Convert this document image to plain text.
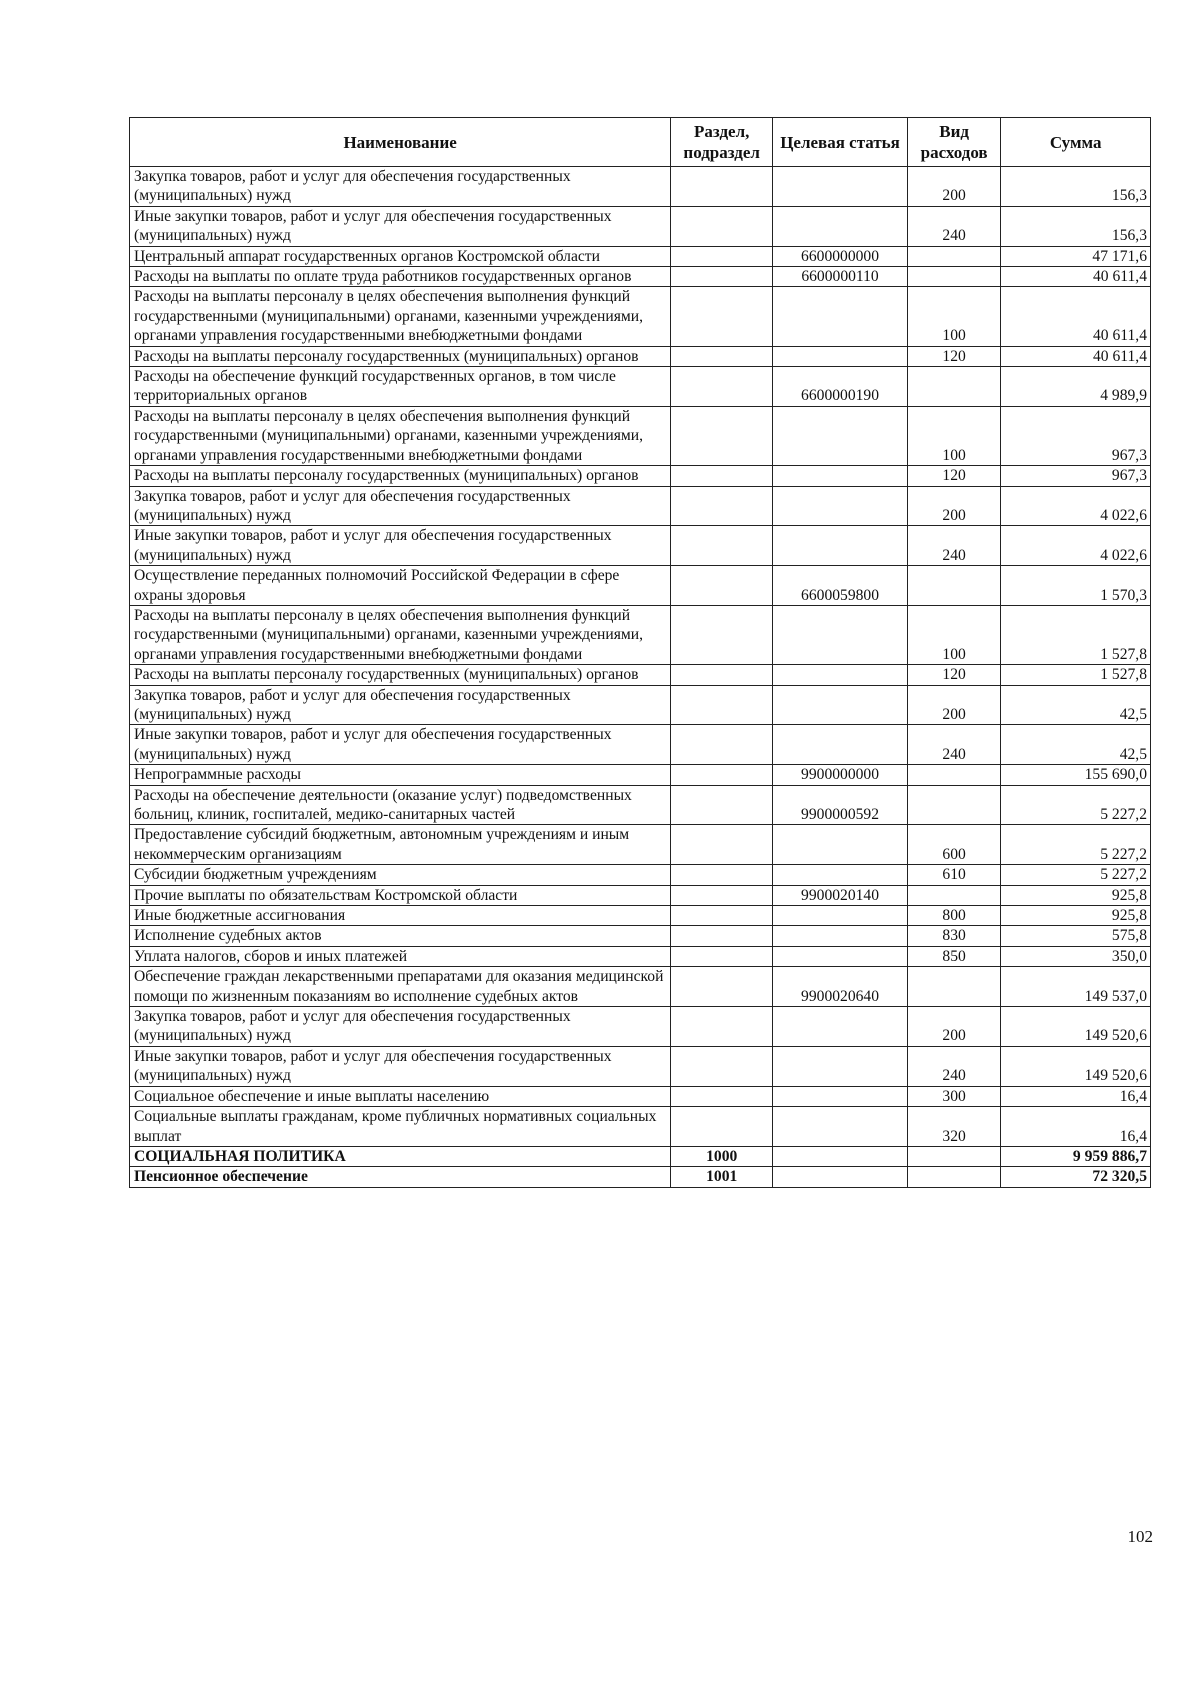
Наименование	Раздел, подраздел	Целевая статья	Вид расходов	Сумма
Закупка товаров, работ и услуг для обеспечения государственных (муниципальных) нужд			200	156,3
Иные закупки товаров, работ и услуг для обеспечения государственных (муниципальных) нужд			240	156,3
Центральный аппарат государственных органов Костромской области		6600000000		47 171,6
Расходы на выплаты по оплате труда работников государственных органов		6600000110		40 611,4
Расходы на выплаты персоналу в целях обеспечения выполнения функций государственными (муниципальными) органами, казенными учреждениями, органами управления государственными внебюджетными фондами			100	40 611,4
Расходы на выплаты персоналу государственных (муниципальных) органов			120	40 611,4
Расходы на обеспечение функций государственных органов, в том числе территориальных органов		6600000190		4 989,9
Расходы на выплаты персоналу в целях обеспечения выполнения функций государственными (муниципальными) органами, казенными учреждениями, органами управления государственными внебюджетными фондами			100	967,3
Расходы на выплаты персоналу государственных (муниципальных) органов			120	967,3
Закупка товаров, работ и услуг для обеспечения государственных (муниципальных) нужд			200	4 022,6
Иные закупки товаров, работ и услуг для обеспечения государственных (муниципальных) нужд			240	4 022,6
Осуществление переданных полномочий Российской Федерации в сфере охраны здоровья		6600059800		1 570,3
Расходы на выплаты персоналу в целях обеспечения выполнения функций государственными (муниципальными) органами, казенными учреждениями, органами управления государственными внебюджетными фондами			100	1 527,8
Расходы на выплаты персоналу государственных (муниципальных) органов			120	1 527,8
Закупка товаров, работ и услуг для обеспечения государственных (муниципальных) нужд			200	42,5
Иные закупки товаров, работ и услуг для обеспечения государственных (муниципальных) нужд			240	42,5
Непрограммные расходы		9900000000		155 690,0
Расходы на обеспечение деятельности (оказание услуг) подведомственных больниц, клиник, госпиталей, медико-санитарных частей		9900000592		5 227,2
Предоставление субсидий бюджетным, автономным учреждениям и иным некоммерческим организациям			600	5 227,2
Субсидии бюджетным учреждениям			610	5 227,2
Прочие выплаты по обязательствам Костромской области		9900020140		925,8
Иные бюджетные ассигнования			800	925,8
Исполнение судебных актов			830	575,8
Уплата налогов, сборов и иных платежей			850	350,0
Обеспечение граждан лекарственными препаратами для оказания медицинской помощи по жизненным показаниям во исполнение судебных актов		9900020640		149 537,0
Закупка товаров, работ и услуг для обеспечения государственных (муниципальных) нужд			200	149 520,6
Иные закупки товаров, работ и услуг для обеспечения государственных (муниципальных) нужд			240	149 520,6
Социальное обеспечение и иные выплаты населению			300	16,4
Социальные выплаты гражданам, кроме публичных нормативных социальных выплат			320	16,4
СОЦИАЛЬНАЯ ПОЛИТИКА	1000			9 959 886,7
Пенсионное обеспечение	1001			72 320,5
102
